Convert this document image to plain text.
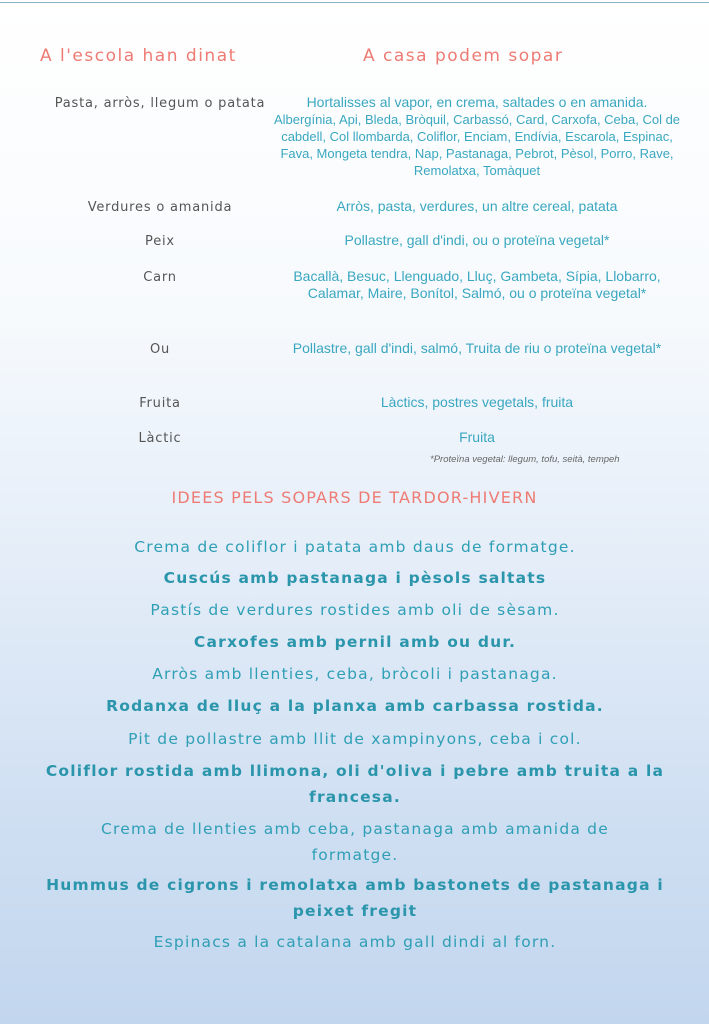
A l'escola han dinat	A casa podem sopar
Pasta, arròs, llegum o patata	Hortalisses al vapor, en crema, saltades o en amanida.
Albergínia, Api, Bleda, Bròquil, Carbassó, Card, Carxofa, Ceba, Col de cabdell, Col llombarda, Coliflor, Enciam, Endívia, Escarola, Espinac, Fava, Mongeta tendra, Nap, Pastanaga, Pebrot, Pèsol, Porro, Rave, Remolatxa, Tomàquet
Verdures o amanida	Arròs, pasta, verdures, un altre cereal, patata
Peix	Pollastre, gall d'indi, ou o proteïna vegetal*
Carn	Bacallà, Besuc, Llenguado, Lluç, Gambeta, Sípia, Llobarro, Calamar, Maire, Bonítol, Salmó, ou o proteïna vegetal*
Ou	Pollastre, gall d'indi, salmó, Truita de riu o proteïna vegetal*
Fruita	Làctics, postres vegetals, fruita
Làctic	Fruita
*Proteïna vegetal: llegum, tofu, seità, tempeh
IDEES PELS SOPARS DE TARDOR-HIVERN
Crema de coliflor i patata amb daus de formatge.
Cuscús amb pastanaga i pèsols saltats
Pastís de verdures rostides amb oli de sèsam.
Carxofes amb pernil amb ou dur.
Arròs amb llenties, ceba, bròcoli i pastanaga.
Rodanxa de lluç a la planxa amb carbassa rostida.
Pit de pollastre amb llit de xampinyons, ceba i col.
Coliflor rostida amb llimona, oli d'oliva i pebre amb truita a la francesa.
Crema de llenties amb ceba, pastanaga amb amanida de formatge.
Hummus de cigrons i remolatxa amb bastonets de pastanaga i peixet fregit
Espinacs a la catalana amb gall dindi al forn.
